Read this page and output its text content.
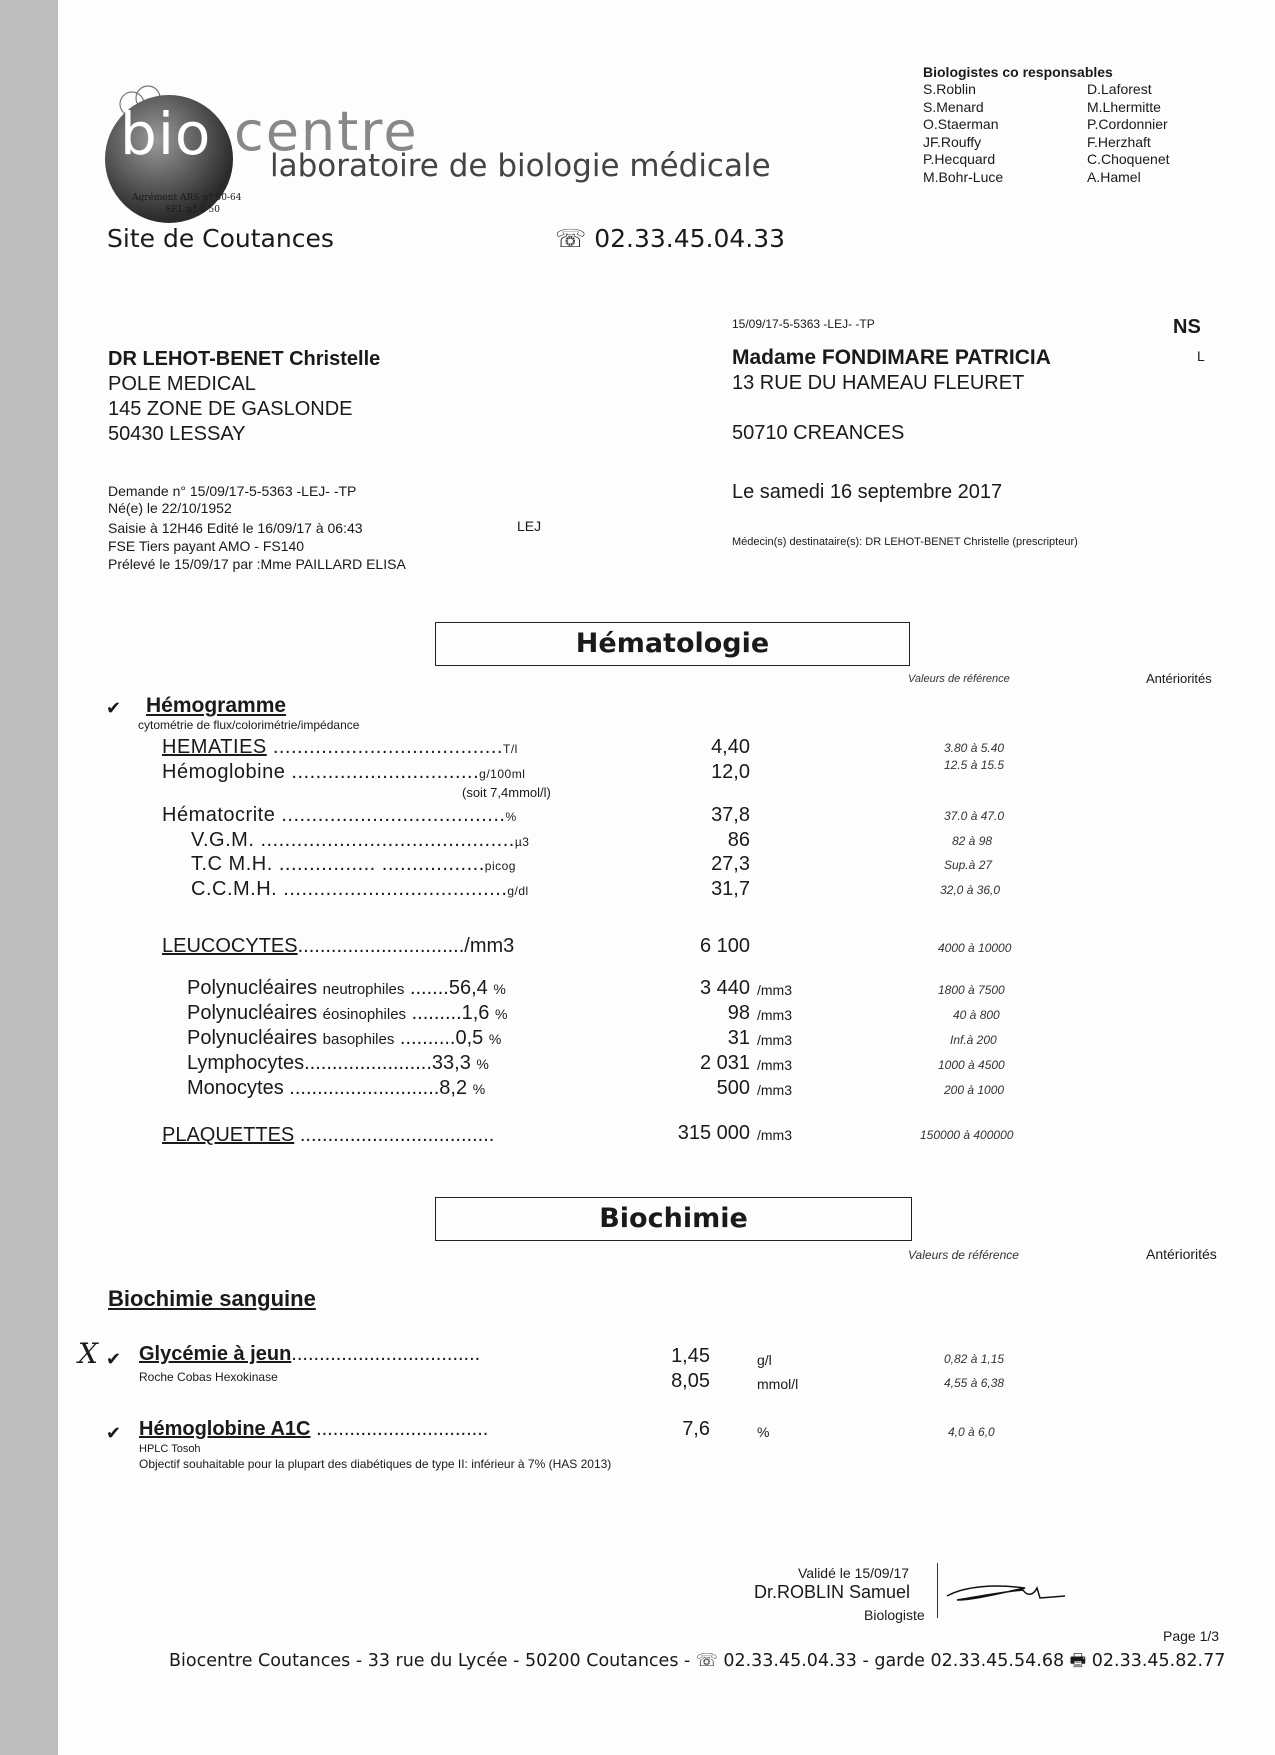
bio centre
laboratoire de biologie médicale
Agrément ARS n° 50-64
SEL n° 3-50
Site de Coutances	☏ 02.33.45.04.33
Biologistes co responsables
S.Roblin
S.Menard
O.Staerman
JF.Rouffy
P.Hecquard
M.Bohr-Luce
D.Laforest
M.Lhermitte
P.Cordonnier
F.Herzhaft
C.Choquenet
A.Hamel
DR LEHOT-BENET Christelle
POLE MEDICAL
145 ZONE DE GASLONDE
50430 LESSAY
15/09/17-5-5363 -LEJ- -TP	NS
L
Madame FONDIMARE PATRICIA
13 RUE DU HAMEAU FLEURET
50710 CREANCES
Le samedi 16 septembre 2017
Médecin(s) destinataire(s): DR LEHOT-BENET Christelle (prescripteur)
Demande n° 15/09/17-5-5363 -LEJ- -TP
Né(e) le 22/10/1952
Saisie à 12H46 Edité le 16/09/17 à 06:43	LEJ
FSE Tiers payant AMO - FS140
Prélevé le 15/09/17 par :Mme PAILLARD ELISA
Hématologie
Valeurs de référence	Antériorités
✔ Hémogramme
cytométrie de flux/colorimétrie/impédance
HEMATIES ......................................T/l	4,40	3.80 à 5.40
Hémoglobine ...............................g/100ml	12,0	12.5 à 15.5
(soit 7,4mmol/l)
Hématocrite .....................................%	37,8	37.0 à 47.0
V.G.M. ..........................................µ3	86	82 à 98
T.C M.H. ................ .................picog	27,3	Sup.à 27
C.C.M.H. .....................................g/dl	31,7	32,0 à 36,0
LEUCOCYTES............................../mm3	6 100	4000 à 10000
Polynucléaires neutrophiles .......56,4 %	3 440 /mm3	1800 à 7500
Polynucléaires éosinophiles .........1,6 %	98 /mm3	40 à 800
Polynucléaires basophiles ..........0,5 %	31 /mm3	Inf.à 200
Lymphocytes.......................33,3 %	2 031 /mm3	1000 à 4500
Monocytes ...........................8,2 %	500 /mm3	200 à 1000
PLAQUETTES ...................................	315 000 /mm3	150000 à 400000
Biochimie
Valeurs de référence	Antériorités
Biochimie sanguine
X ✔ Glycémie à jeun..................................
Roche Cobas Hexokinase
1,45	g/l	0,82 à 1,15
8,05	mmol/l	4,55 à 6,38
✔ Hémoglobine A1C ...............................
HPLC Tosoh
Objectif souhaitable pour la plupart des diabétiques de type II: inférieur à 7% (HAS 2013)
7,6	%	4,0 à 6,0
Validé le 15/09/17
Dr.ROBLIN Samuel
Biologiste
Page 1/3
Biocentre Coutances - 33 rue du Lycée - 50200 Coutances - ☏ 02.33.45.04.33 - garde 02.33.45.54.68 🖶 02.33.45.82.77
